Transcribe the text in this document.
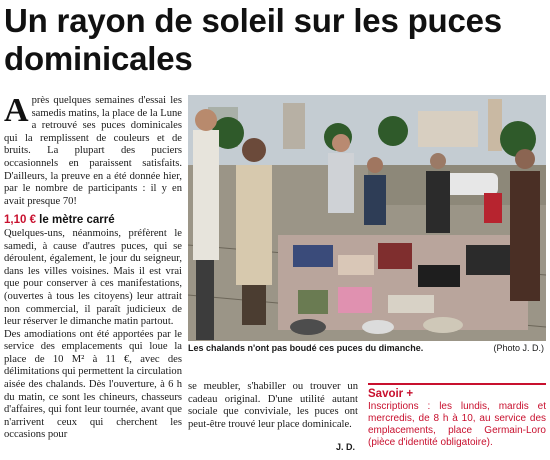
Un rayon de soleil sur les puces dominicales

Après quelques semaines d'essai les samedis matins, la place de la Lune a retrouvé ses puces dominicales qui la remplissent de couleurs et de bruits. La plupart des puciers occasionnels en paraissent satisfaits. D'ailleurs, la preuve en a été donnée hier, par le nombre de participants : il y en avait presque 70!

1,10 € le mètre carré

Quelques-uns, néanmoins, préfèrent le samedi, à cause d'autres puces, qui se déroulent, également, le jour du seigneur, dans les villes voisines. Mais il est vrai que pour conserver à ces manifestations, (ouvertes à tous les citoyens) leur attrait non commercial, il paraît judicieux de leur réserver le dimanche matin partout.

Des amodiations ont été apportées par le service des emplacements qui loue la place de 10 M² à 11 €, avec des délimitations qui permettent la circulation aisée des chalands. Dès l'ouverture, à 6 h du matin, ce sont les chineurs, chasseurs d'affaires, qui font leur tournée, avant que n'arrivent ceux qui cherchent les occasions pour

Les chalands n'ont pas boudé ces puces du dimanche.	(Photo J. D.)

se meubler, s'habiller ou trouver un cadeau original. D'une utilité autant sociale que conviviale, les puces ont peut-être trouvé leur place dominicale.

J. D.
Savoir +
Inscriptions : les lundis, mardis et mercredis, de 8 h à 10, au service des emplacements, place Germain-Loro (pièce d'identité obligatoire).
